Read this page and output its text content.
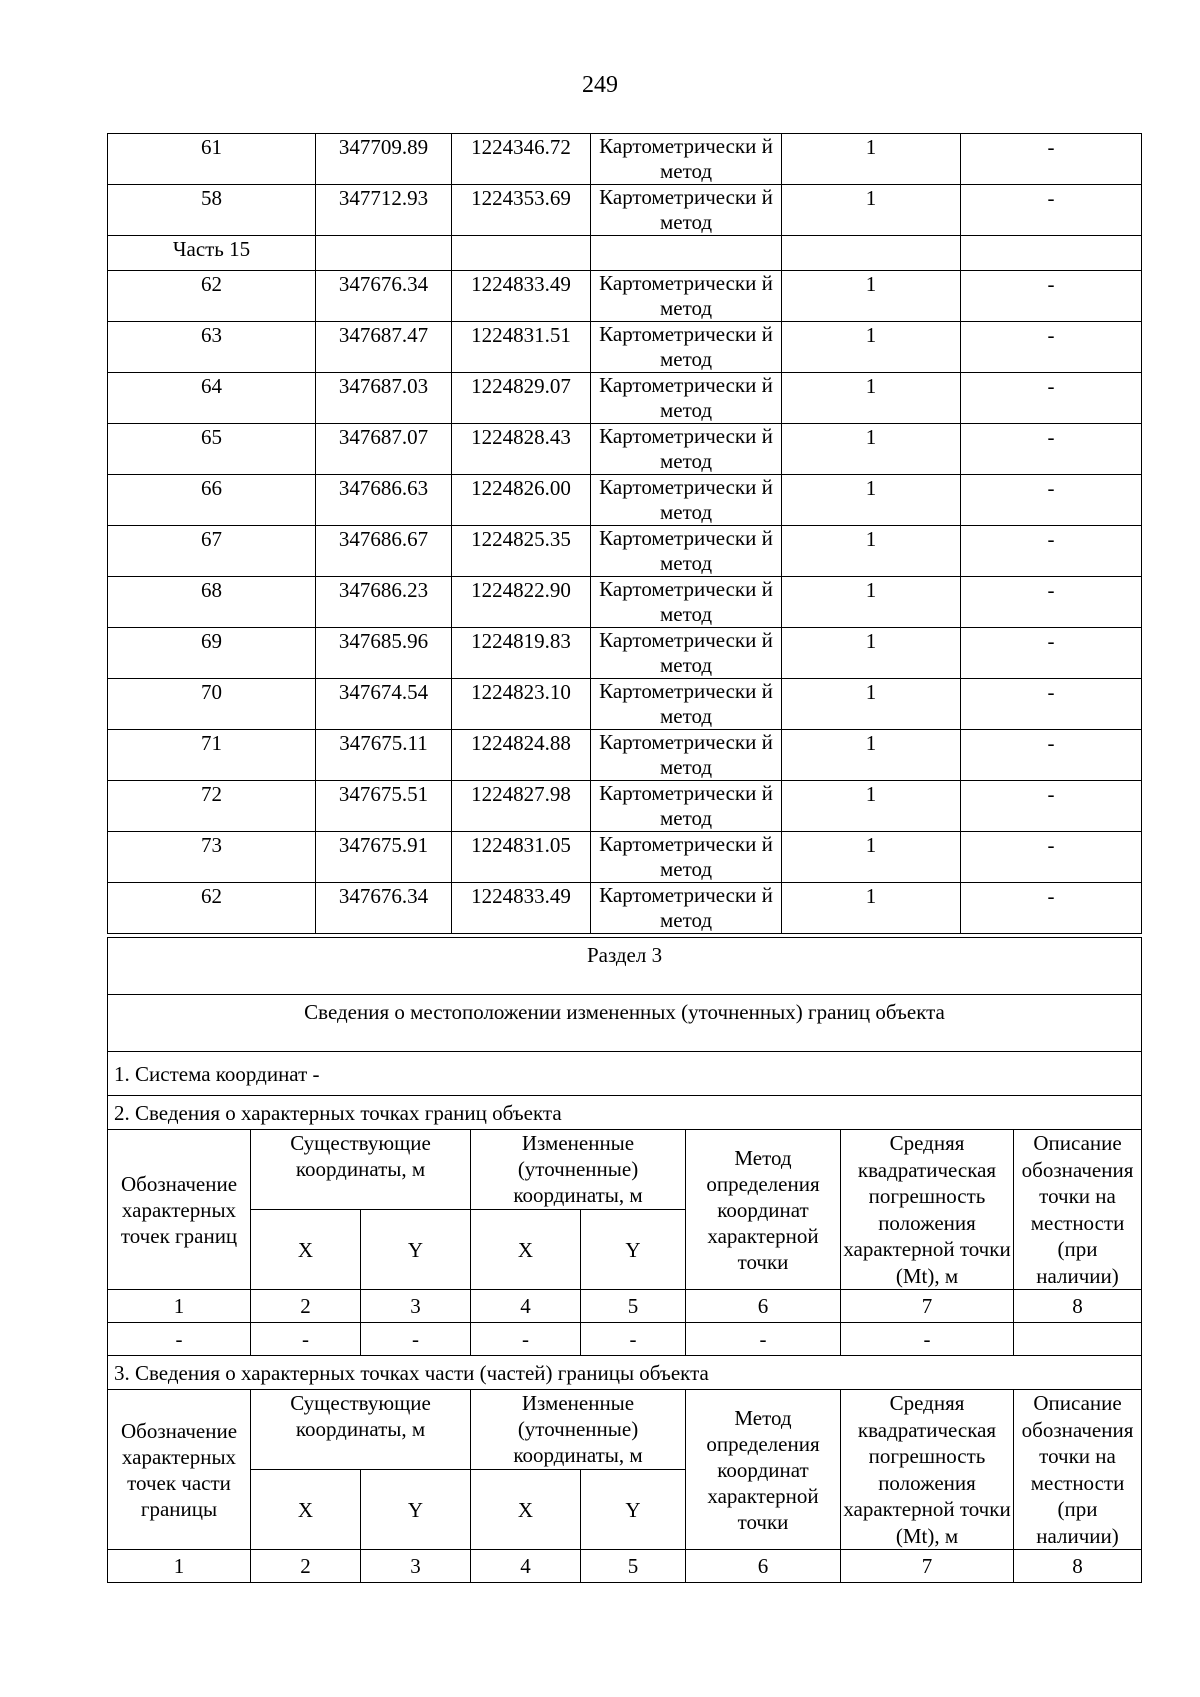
249
61	347709.89	1224346.72	Картометрически й метод	1	-
58	347712.93	1224353.69	Картометрически й метод	1	-
Часть 15					
62	347676.34	1224833.49	Картометрически й метод	1	-
63	347687.47	1224831.51	Картометрически й метод	1	-
64	347687.03	1224829.07	Картометрически й метод	1	-
65	347687.07	1224828.43	Картометрически й метод	1	-
66	347686.63	1224826.00	Картометрически й метод	1	-
67	347686.67	1224825.35	Картометрически й метод	1	-
68	347686.23	1224822.90	Картометрически й метод	1	-
69	347685.96	1224819.83	Картометрически й метод	1	-
70	347674.54	1224823.10	Картометрически й метод	1	-
71	347675.11	1224824.88	Картометрически й метод	1	-
72	347675.51	1224827.98	Картометрически й метод	1	-
73	347675.91	1224831.05	Картометрически й метод	1	-
62	347676.34	1224833.49	Картометрически й метод	1	-
Раздел 3							
Сведения о местоположении измененных (уточненных) границ объекта							
1. Система координат -							
2. Сведения о характерных точках границ объекта							
Обозначение характерных точек границ	Существующие координаты, м		Измененные (уточненные) координаты, м		Метод определения координат характерной точки	Средняя квадратическая погрешность положения характерной точки (Mt), м	Описание обозначения точки на местности (при наличии)
	X	Y	X	Y			
1	2	3	4	5	6	7	8
-	-	-	-	-	-	-	
3. Сведения о характерных точках части (частей) границы объекта							
Обозначение характерных точек части границы	Существующие координаты, м		Измененные (уточненные) координаты, м		Метод определения координат характерной точки	Средняя квадратическая погрешность положения характерной точки (Mt), м	Описание обозначения точки на местности (при наличии)
	X	Y	X	Y			
1	2	3	4	5	6	7	8
